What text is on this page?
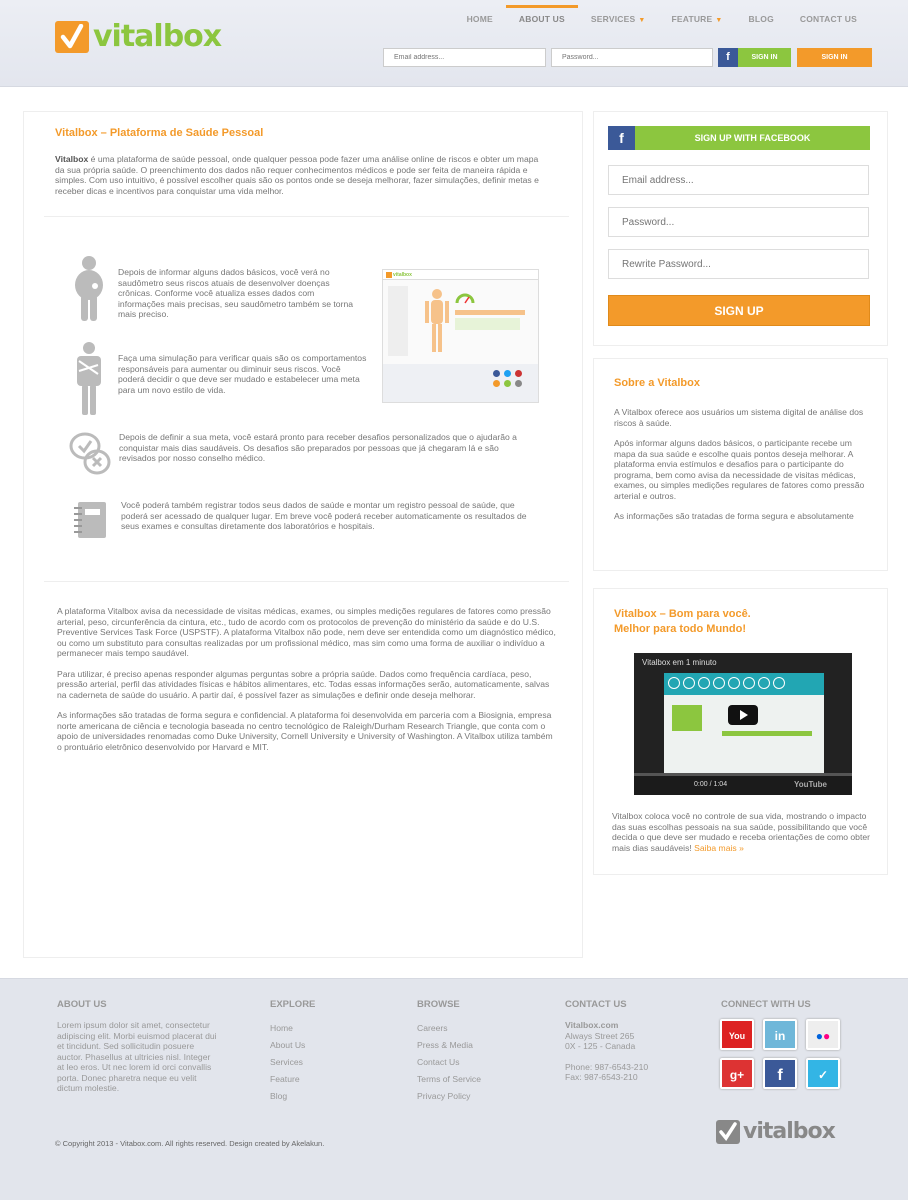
vitalbox	HOME	ABOUT US	SERVICES ▼	FEATURE ▼	BLOG	CONTACT US
Email address...
f	SIGN IN	SIGN IN
Vitalbox – Plataforma de Saúde Pessoal
Vitalbox é uma plataforma de saúde pessoal, onde qualquer pessoa pode fazer uma análise online de riscos e obter um mapa da sua própria saúde. O preenchimento dos dados não requer conhecimentos médicos e pode ser feita de maneira rápida e simples. Com uso intuitivo, é possível escolher quais são os pontos onde se deseja melhorar, fazer simulações, definir metas e receber dicas e incentivos para conquistar uma vida melhor.

Depois de informar alguns dados básicos, você verá no saudômetro seus riscos atuais de desenvolver doenças crônicas. Conforme você atualiza esses dados com informações mais precisas, seu saudômetro também se torna mais preciso.

Faça uma simulação para verificar quais são os comportamentos responsáveis para aumentar ou diminuir seus riscos. Você poderá decidir o que deve ser mudado e estabelecer uma meta para um novo estilo de vida.

Depois de definir a sua meta, você estará pronto para receber desafios personalizados que o ajudarão a conquistar mais dias saudáveis. Os desafios são preparados por pessoas que já chegaram lá e são revisados por nosso conselho médico.

Você poderá também registrar todos seus dados de saúde e montar um registro pessoal de saúde, que poderá ser acessado de qualquer lugar. Em breve você poderá receber automaticamente os resultados de seus exames e consultas diretamente dos laboratórios e hospitais.

vitalbox

A plataforma Vitalbox avisa da necessidade de visitas médicas, exames, ou simples medições regulares de fatores como pressão arterial, peso, circunferência da cintura, etc., tudo de acordo com os protocolos de prevenção do ministério da saúde e do U.S. Preventive Services Task Force (USPSTF). A plataforma Vitalbox não pode, nem deve ser entendida como um diagnóstico médico, ou como um substituto para consultas realizadas por um profissional médico, mas sim como uma forma de auxiliar o indivíduo a permanecer mais tempo saudável.

Para utilizar, é preciso apenas responder algumas perguntas sobre a própria saúde. Dados como frequência cardíaca, peso, pressão arterial, perfil das atividades físicas e hábitos alimentares, etc. Todas essas informações serão, automaticamente, salvas na caderneta de saúde do usuário. A partir daí, é possível fazer as simulações e definir onde deseja melhorar.

As informações são tratadas de forma segura e confidencial. A plataforma foi desenvolvida em parceria com a Biosignia, empresa norte americana de ciência e tecnologia baseada no centro tecnológico de Raleigh/Durham Research Triangle, que conta com o apoio de universidades renomadas como Duke University, Cornell University e University of Washington. A Vitalbox utiliza também o prontuário eletrônico desenvolvido por Harvard e MIT.

f	SIGN UP WITH FACEBOOK
Email address...
SIGN UP
Sobre a Vitalbox

A Vitalbox oferece aos usuários um sistema digital de análise dos riscos à saúde.

Após informar alguns dados básicos, o participante recebe um mapa da sua saúde e escolhe quais pontos deseja melhorar. A plataforma envia estímulos e desafios para o participante do programa, bem como avisa da necessidade de visitas médicas, exames, ou simples medições regulares de fatores como pressão arterial e outros.

As informações são tratadas de forma segura e absolutamente

Vitalbox – Bom para você.
Melhor para todo Mundo!
Vitalbox em 1 minuto
0:00 / 1:04	YouTube
Vitalbox coloca você no controle de sua vida, mostrando o impacto das suas escolhas pessoais na sua saúde, possibilitando que você decida o que deve ser mudado e receba orientações de como obter mais dias saudáveis! Saiba mais »
ABOUT US
Lorem ipsum dolor sit amet, consectetur adipiscing elit. Morbi euismod placerat dui et tincidunt. Sed sollicitudin posuere auctor. Phasellus at ultricies nisl. Integer at leo eros. Ut nec lorem id orci convallis porta. Donec pharetra neque eu velit dictum molestie.
EXPLORE
Home
About Us
Services
Feature
Blog
BROWSE
Careers
Press & Media
Contact Us
Terms of Service
Privacy Policy
CONTACT US
Vitalbox.com
Always Street 265
0X - 125 - Canada
Phone: 987-6543-210
Fax: 987-6543-210
CONNECT WITH US
You	in	●●
g+	f	✓
vitalbox
© Copyright 2013 - Vitabox.com. All rights reserved. Design created by Akelakun.
